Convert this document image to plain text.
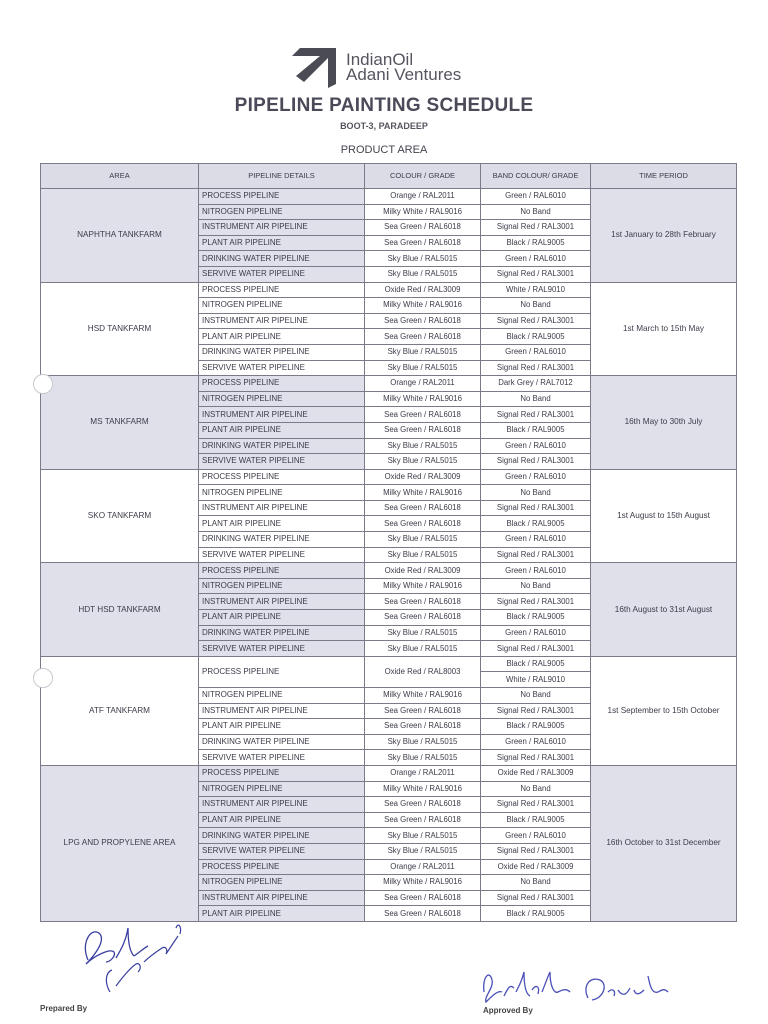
IndianOil
Adani Ventures
PIPELINE PAINTING SCHEDULE
BOOT-3, PARADEEP
PRODUCT AREA
AREA	PIPELINE DETAILS	COLOUR / GRADE	BAND COLOUR/ GRADE	TIME PERIOD
NAPHTHA TANKFARM	PROCESS PIPELINE	Orange / RAL2011	Green / RAL6010	1st January to 28th February
	NITROGEN PIPELINE	Milky White / RAL9016	No Band	
	INSTRUMENT AIR PIPELINE	Sea Green / RAL6018	Signal Red / RAL3001	
	PLANT AIR PIPELINE	Sea Green / RAL6018	Black / RAL9005	
	DRINKING WATER PIPELINE	Sky Blue / RAL5015	Green / RAL6010	
	SERVIVE WATER PIPELINE	Sky Blue / RAL5015	Signal Red / RAL3001	
HSD TANKFARM	PROCESS PIPELINE	Oxide Red / RAL3009	White / RAL9010	1st March to 15th May
	NITROGEN PIPELINE	Milky White / RAL9016	No Band	
	INSTRUMENT AIR PIPELINE	Sea Green / RAL6018	Signal Red / RAL3001	
	PLANT AIR PIPELINE	Sea Green / RAL6018	Black / RAL9005	
	DRINKING WATER PIPELINE	Sky Blue / RAL5015	Green / RAL6010	
	SERVIVE WATER PIPELINE	Sky Blue / RAL5015	Signal Red / RAL3001	
MS TANKFARM	PROCESS PIPELINE	Orange / RAL2011	Dark Grey / RAL7012	16th May to 30th July
	NITROGEN PIPELINE	Milky White / RAL9016	No Band	
	INSTRUMENT AIR PIPELINE	Sea Green / RAL6018	Signal Red / RAL3001	
	PLANT AIR PIPELINE	Sea Green / RAL6018	Black / RAL9005	
	DRINKING WATER PIPELINE	Sky Blue / RAL5015	Green / RAL6010	
	SERVIVE WATER PIPELINE	Sky Blue / RAL5015	Signal Red / RAL3001	
SKO TANKFARM	PROCESS PIPELINE	Oxide Red / RAL3009	Green / RAL6010	1st August to 15th August
	NITROGEN PIPELINE	Milky White / RAL9016	No Band	
	INSTRUMENT AIR PIPELINE	Sea Green / RAL6018	Signal Red / RAL3001	
	PLANT AIR PIPELINE	Sea Green / RAL6018	Black / RAL9005	
	DRINKING WATER PIPELINE	Sky Blue / RAL5015	Green / RAL6010	
	SERVIVE WATER PIPELINE	Sky Blue / RAL5015	Signal Red / RAL3001	
HDT HSD TANKFARM	PROCESS PIPELINE	Oxide Red / RAL3009	Green / RAL6010	16th August to 31st August
	NITROGEN PIPELINE	Milky White / RAL9016	No Band	
	INSTRUMENT AIR PIPELINE	Sea Green / RAL6018	Signal Red / RAL3001	
	PLANT AIR PIPELINE	Sea Green / RAL6018	Black / RAL9005	
	DRINKING WATER PIPELINE	Sky Blue / RAL5015	Green / RAL6010	
	SERVIVE WATER PIPELINE	Sky Blue / RAL5015	Signal Red / RAL3001	
ATF TANKFARM	PROCESS PIPELINE	Oxide Red / RAL8003	Black / RAL9005	1st September to 15th October
			White / RAL9010	
	NITROGEN PIPELINE	Milky White / RAL9016	No Band	
	INSTRUMENT AIR PIPELINE	Sea Green / RAL6018	Signal Red / RAL3001	
	PLANT AIR PIPELINE	Sea Green / RAL6018	Black / RAL9005	
	DRINKING WATER PIPELINE	Sky Blue / RAL5015	Green / RAL6010	
	SERVIVE WATER PIPELINE	Sky Blue / RAL5015	Signal Red / RAL3001	
LPG AND PROPYLENE AREA	PROCESS PIPELINE	Orange / RAL2011	Oxide Red / RAL3009	16th October to 31st December
	NITROGEN PIPELINE	Milky White / RAL9016	No Band	
	INSTRUMENT AIR PIPELINE	Sea Green / RAL6018	Signal Red / RAL3001	
	PLANT AIR PIPELINE	Sea Green / RAL6018	Black / RAL9005	
	DRINKING WATER PIPELINE	Sky Blue / RAL5015	Green / RAL6010	
	SERVIVE WATER PIPELINE	Sky Blue / RAL5015	Signal Red / RAL3001	
	PROCESS PIPELINE	Orange / RAL2011	Oxide Red / RAL3009	
	NITROGEN PIPELINE	Milky White / RAL9016	No Band	
	INSTRUMENT AIR PIPELINE	Sea Green / RAL6018	Signal Red / RAL3001	
	PLANT AIR PIPELINE	Sea Green / RAL6018	Black / RAL9005	
Prepared By	Approved By
